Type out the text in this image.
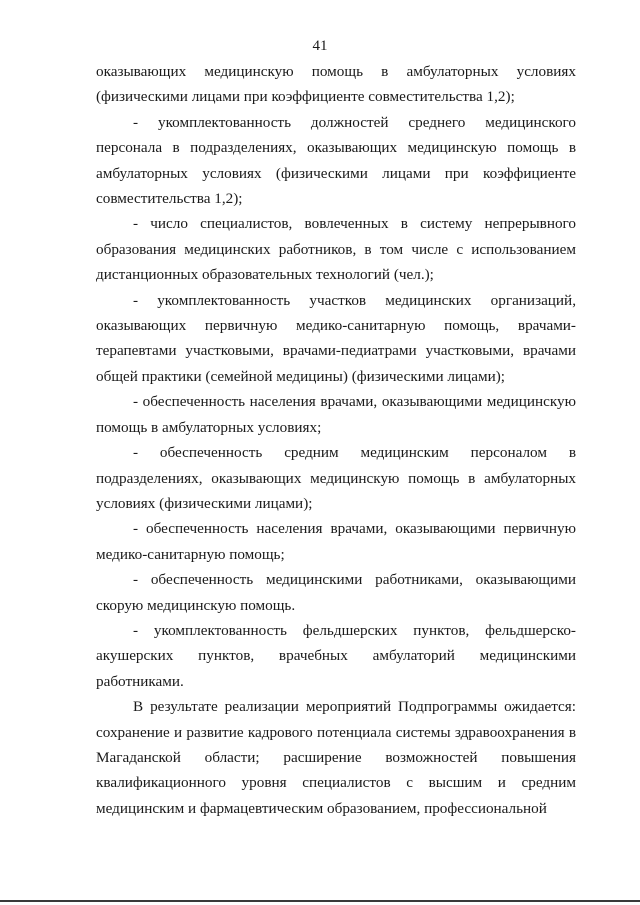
41

оказывающих медицинскую помощь в амбулаторных условиях (физическими лицами при коэффициенте совместительства 1,2);

- укомплектованность должностей среднего медицинского персонала в подразделениях, оказывающих медицинскую помощь в амбулаторных условиях (физическими лицами при коэффициенте совместительства 1,2);

- число специалистов, вовлеченных в систему непрерывного образования медицинских работников, в том числе с использованием дистанционных образовательных технологий (чел.);

- укомплектованность участков медицинских организаций, оказывающих первичную медико-санитарную помощь, врачами-терапевтами участковыми, врачами-педиатрами участковыми, врачами общей практики (семейной медицины) (физическими лицами);

- обеспеченность населения врачами, оказывающими медицинскую помощь в амбулаторных условиях;

- обеспеченность средним медицинским персоналом в подразделениях, оказывающих медицинскую помощь в амбулаторных условиях (физическими лицами);

- обеспеченность населения врачами, оказывающими первичную медико-санитарную помощь;

- обеспеченность медицинскими работниками, оказывающими скорую медицинскую помощь.

- укомплектованность фельдшерских пунктов, фельдшерско-акушерских пунктов, врачебных амбулаторий медицинскими работниками.

В результате реализации мероприятий Подпрограммы ожидается: сохранение и развитие кадрового потенциала системы здравоохранения в Магаданской области; расширение возможностей повышения квалификационного уровня специалистов с высшим и средним медицинским и фармацевтическим образованием, профессиональной
